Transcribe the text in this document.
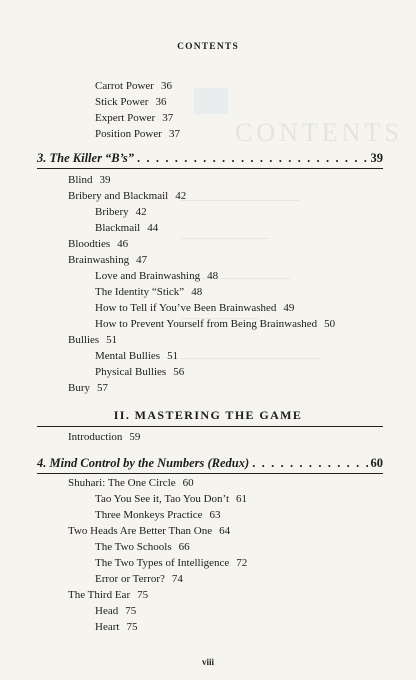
CONTENTS
CONTENTS
Carrot Power 36
Stick Power 36
Expert Power 37
Position Power 37
3. The Killer “B’s” . . .	39
Blind 39
Bribery and Blackmail 42
Bribery 42
Blackmail 44
Bloodties 46
Brainwashing 47
Love and Brainwashing 48
The Identity “Stick” 48
How to Tell if You’ve Been Brainwashed 49
How to Prevent Yourself from Being Brainwashed 50
Bullies 51
Mental Bullies 51
Physical Bullies 56
Bury 57
II. MASTERING THE GAME
Introduction 59
4. Mind Control by the Numbers (Redux) . . .	60
Shuhari: The One Circle 60
Tao You See it, Tao You Don’t 61
Three Monkeys Practice 63
Two Heads Are Better Than One 64
The Two Schools 66
The Two Types of Intelligence 72
Error or Terror? 74
The Third Ear 75
Head 75
Heart 75
viii
